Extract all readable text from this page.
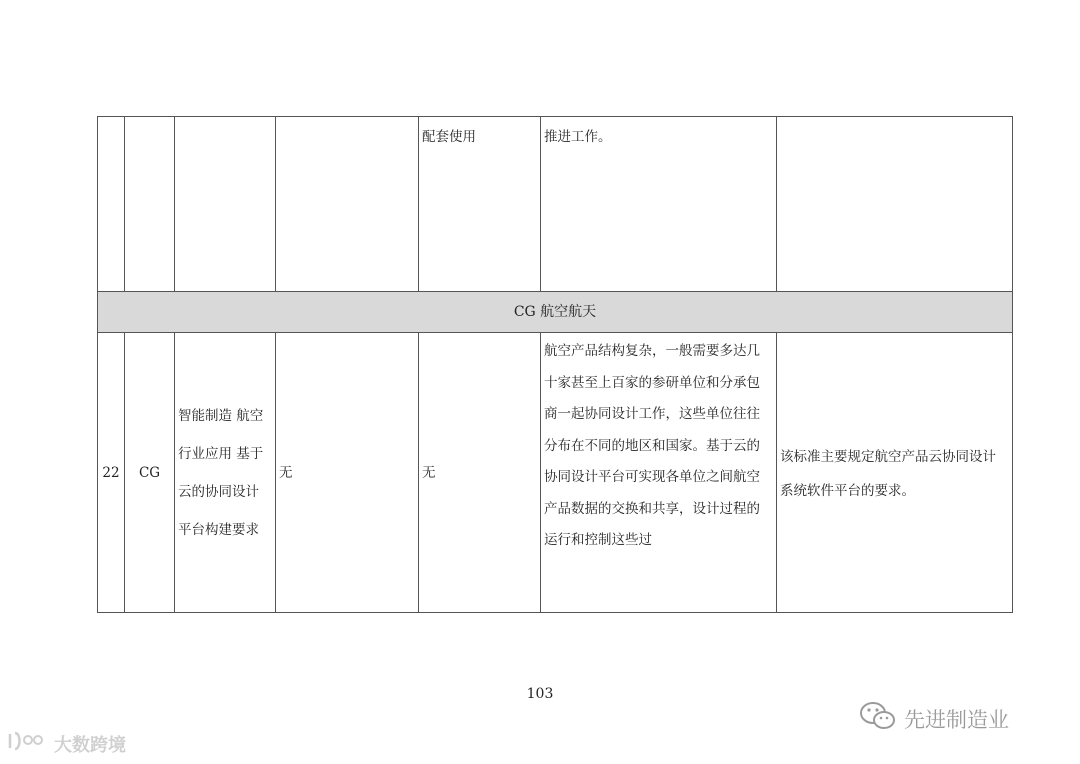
				配套使用	推进工作。	

CG 航空航天						
22	CG	智能制造 航空行业应用 基于云的协同设计平台构建要求	无	无	航空产品结构复杂，一般需要多达几十家甚至上百家的参研单位和分承包商一起协同设计工作，这些单位往往分布在不同的地区和国家。基于云的协同设计平台可实现各单位之间航空产品数据的交换和共享，设计过程的运行和控制这些过	该标准主要规定航空产品云协同设计系统软件平台的要求。
103
大数跨境
先进制造业
